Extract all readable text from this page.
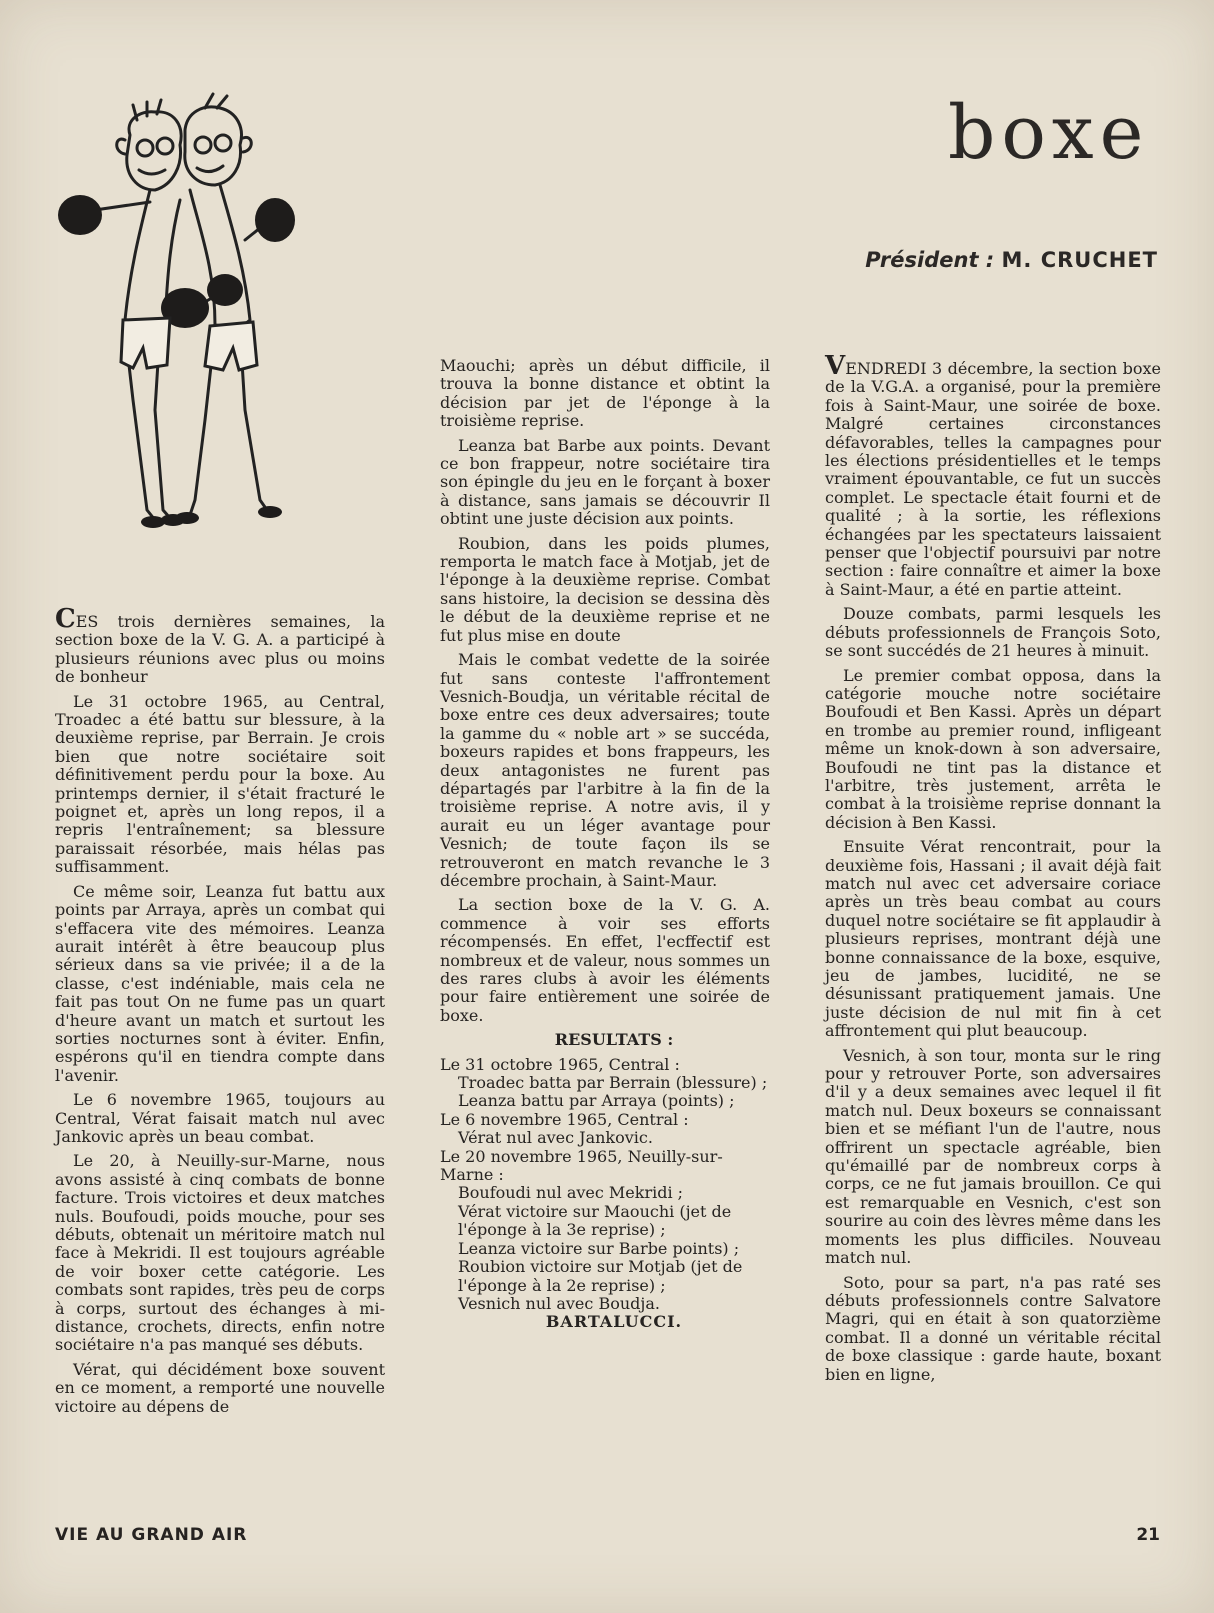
boxe
Président : M. CRUCHET

CES trois dernières semaines, la section boxe de la V. G. A. a participé à plusieurs réunions avec plus ou moins de bonheur

Le 31 octobre 1965, au Central, Troadec a été battu sur blessure, à la deuxième reprise, par Berrain. Je crois bien que notre sociétaire soit définitivement perdu pour la boxe. Au printemps dernier, il s'était fracturé le poignet et, après un long repos, il a repris l'entraînement; sa blessure paraissait résorbée, mais hélas pas suffisamment.

Ce même soir, Leanza fut battu aux points par Arraya, après un combat qui s'effacera vite des mémoires. Leanza aurait intérêt à être beaucoup plus sérieux dans sa vie privée; il a de la classe, c'est indéniable, mais cela ne fait pas tout On ne fume pas un quart d'heure avant un match et surtout les sorties nocturnes sont à éviter. Enfin, espérons qu'il en tiendra compte dans l'avenir.

Le 6 novembre 1965, toujours au Central, Vérat faisait match nul avec Jankovic après un beau combat.

Le 20, à Neuilly-sur-Marne, nous avons assisté à cinq combats de bonne facture. Trois victoires et deux matches nuls. Boufoudi, poids mouche, pour ses débuts, obtenait un méritoire match nul face à Mekridi. Il est toujours agréable de voir boxer cette catégorie. Les combats sont rapides, très peu de corps à corps, surtout des échanges à mi-distance, crochets, directs, enfin notre sociétaire n'a pas manqué ses débuts.

Vérat, qui décidément boxe souvent en ce moment, a remporté une nouvelle victoire au dépens de

Maouchi; après un début difficile, il trouva la bonne distance et obtint la décision par jet de l'éponge à la troisième reprise.

Leanza bat Barbe aux points. Devant ce bon frappeur, notre sociétaire tira son épingle du jeu en le forçant à boxer à distance, sans jamais se découvrir Il obtint une juste décision aux points.

Roubion, dans les poids plumes, remporta le match face à Motjab, jet de l'éponge à la deuxième reprise. Combat sans histoire, la decision se dessina dès le début de la deuxième reprise et ne fut plus mise en doute

Mais le combat vedette de la soirée fut sans conteste l'affrontement Vesnich-Boudja, un véritable récital de boxe entre ces deux adversaires; toute la gamme du « noble art » se succéda, boxeurs rapides et bons frappeurs, les deux antagonistes ne furent pas départagés par l'arbitre à la fin de la troisième reprise. A notre avis, il y aurait eu un léger avantage pour Vesnich; de toute façon ils se retrouveront en match revanche le 3 décembre prochain, à Saint-Maur.

La section boxe de la V. G. A. commence à voir ses efforts récompensés. En effet, l'ecffectif est nombreux et de valeur, nous sommes un des rares clubs à avoir les éléments pour faire entièrement une soirée de boxe.

RESULTATS :

Le 31 octobre 1965, Central :

Troadec batta par Berrain (blessure) ;

Leanza battu par Arraya (points) ;

Le 6 novembre 1965, Central :

Vérat nul avec Jankovic.

Le 20 novembre 1965, Neuilly-sur-Marne :

Boufoudi nul avec Mekridi ;

Vérat victoire sur Maouchi (jet de l'éponge à la 3e reprise) ;

Leanza victoire sur Barbe points) ;

Roubion victoire sur Motjab (jet de l'éponge à la 2e reprise) ;

Vesnich nul avec Boudja.

BARTALUCCI.

VENDREDI 3 décembre, la section boxe de la V.G.A. a organisé, pour la première fois à Saint-Maur, une soirée de boxe. Malgré certaines circonstances défavorables, telles la campagnes pour les élections présidentielles et le temps vraiment épouvantable, ce fut un succès complet. Le spectacle était fourni et de qualité ; à la sortie, les réflexions échangées par les spectateurs laissaient penser que l'objectif poursuivi par notre section : faire connaître et aimer la boxe à Saint-Maur, a été en partie atteint.

Douze combats, parmi lesquels les débuts professionnels de François Soto, se sont succédés de 21 heures à minuit.

Le premier combat opposa, dans la catégorie mouche notre sociétaire Boufoudi et Ben Kassi. Après un départ en trombe au premier round, infligeant même un knok-down à son adversaire, Boufoudi ne tint pas la distance et l'arbitre, très justement, arrêta le combat à la troisième reprise donnant la décision à Ben Kassi.

Ensuite Vérat rencontrait, pour la deuxième fois, Hassani ; il avait déjà fait match nul avec cet adversaire coriace après un très beau combat au cours duquel notre sociétaire se fit applaudir à plusieurs reprises, montrant déjà une bonne connaissance de la boxe, esquive, jeu de jambes, lucidité, ne se désunissant pratiquement jamais. Une juste décision de nul mit fin à cet affrontement qui plut beaucoup.

Vesnich, à son tour, monta sur le ring pour y retrouver Porte, son adversaires d'il y a deux semaines avec lequel il fit match nul. Deux boxeurs se connaissant bien et se méfiant l'un de l'autre, nous offrirent un spectacle agréable, bien qu'émaillé par de nombreux corps à corps, ce ne fut jamais brouillon. Ce qui est remarquable en Vesnich, c'est son sourire au coin des lèvres même dans les moments les plus difficiles. Nouveau match nul.

Soto, pour sa part, n'a pas raté ses débuts professionnels contre Salvatore Magri, qui en était à son quatorzième combat. Il a donné un véritable récital de boxe classique : garde haute, boxant bien en ligne,

VIE AU GRAND AIR	21
